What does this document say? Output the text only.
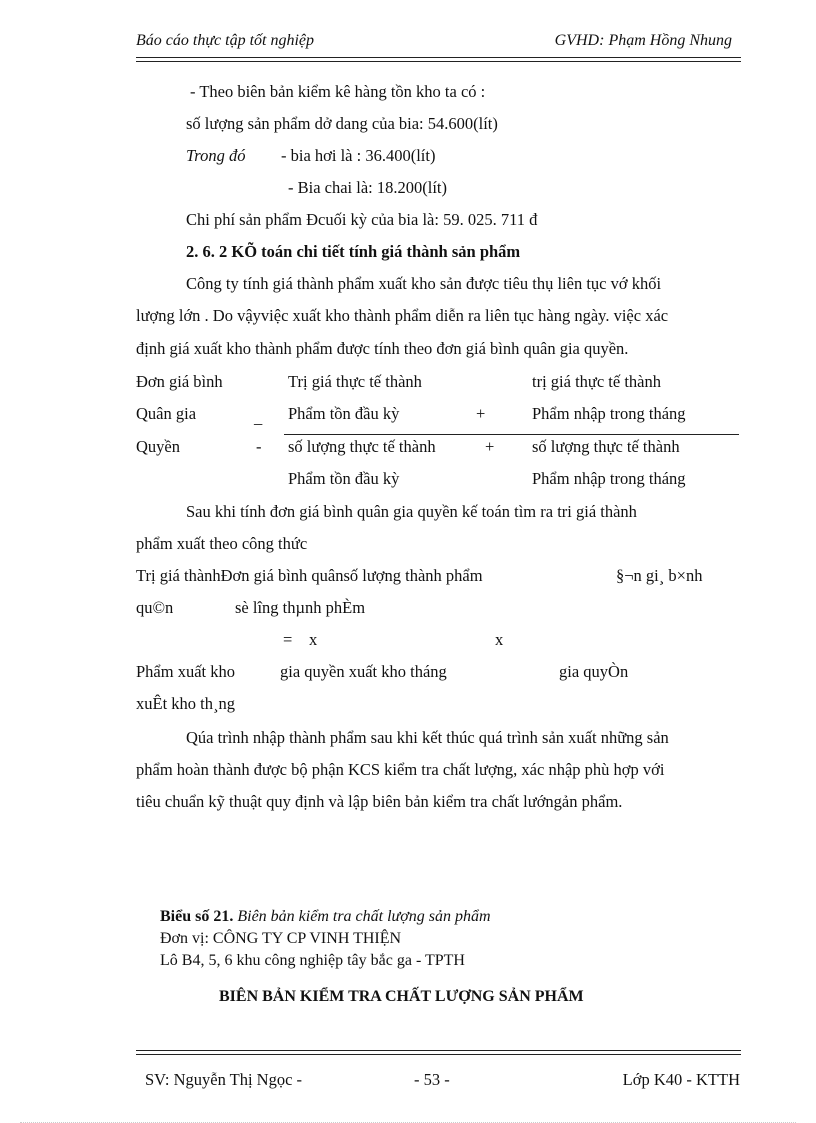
Báo cáo thực tập tốt nghiệp	GVHD: Phạm Hồng Nhung
- Theo biên bản kiểm kê hàng tồn kho ta có :
số lượng sản phẩm dở dang của bia: 54.600(lít)
Trong đó - bia hơi là : 36.400(lít)
- Bia chai là: 18.200(lít)
Chi phí sản phẩm Đcuối kỳ của bia là: 59. 025. 711 đ
2. 6. 2 KÕ toán chi tiết tính giá thành sản phẩm
Công ty tính giá thành phẩm xuất kho sản được tiêu thụ liên tục vớ khối
lượng lớn . Do vậyviệc xuất kho thành phẩm diễn ra liên tục hàng ngày. việc xác
định giá xuất kho thành phẩm được tính theo đơn giá bình quân gia quyền.
Đơn giá bình
Quân gia
Quyền
_
-
Trị giá thực tế thành
Phẩm tồn đầu kỳ	+
trị giá thực tế thành
Phẩm nhập trong tháng
số lượng thực tế thành
Phẩm tồn đầu kỳ
+ số lượng thực tế thành
Phẩm nhập trong tháng
Sau khi tính đơn giá bình quân gia quyền kế toán tìm ra tri giá thành
phẩm xuất theo công thức
Trị giá thànhĐơn giá bình quânsố lượng thành phẩm	§¬n gi¸ b×nh
qu©n	sè lîng thµnh phÈm
= x	x
Phẩm xuất kho	gia quyền xuất kho tháng	gia quyÒn
xuÊt kho th¸ng
Qúa trình nhập thành phẩm sau khi kết thúc quá trình sản xuất những sản
phẩm hoàn thành được bộ phận KCS kiểm tra chất lượng, xác nhập phù hợp với
tiêu chuẩn kỹ thuật quy định và lập biên bản kiểm tra chất lướngản phẩm.
Biểu số 21. Biên bản kiểm tra chất lượng sản phẩm
Đơn vị: CÔNG TY CP VINH THIỆN
Lô B4, 5, 6 khu công nghiệp tây bắc ga - TPTH
BIÊN BẢN KIỂM TRA CHẤT LƯỢNG SẢN PHẨM
SV: Nguyễn Thị Ngọc -	- 53 -	Lớp K40 - KTTH
